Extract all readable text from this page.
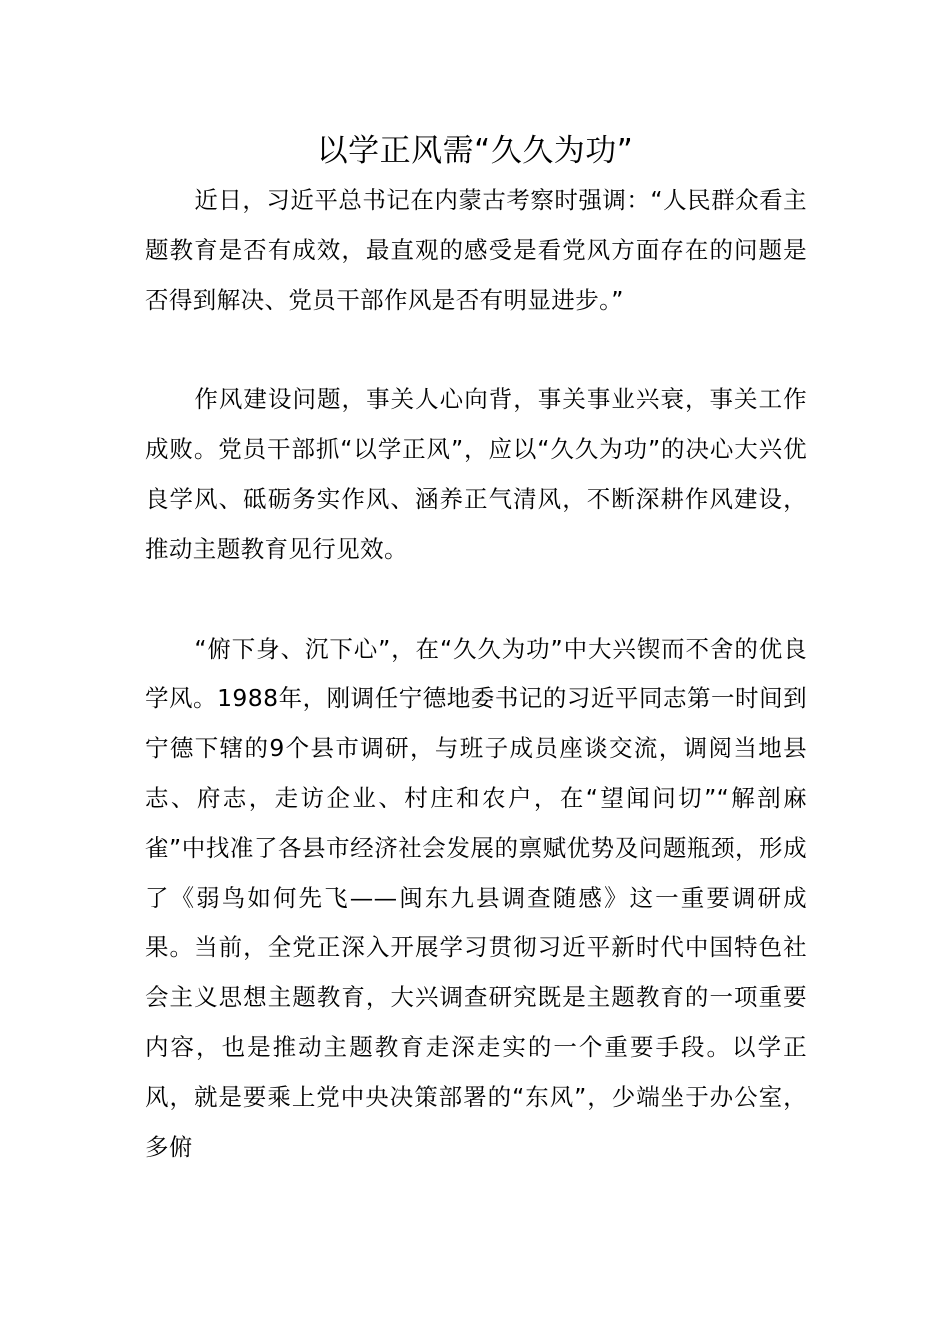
以学正风需“久久为功”

近日，习近平总书记在内蒙古考察时强调：“人民群众看主题教育是否有成效，最直观的感受是看党风方面存在的问题是否得到解决、党员干部作风是否有明显进步。”

作风建设问题，事关人心向背，事关事业兴衰，事关工作成败。党员干部抓“以学正风”，应以“久久为功”的决心大兴优良学风、砥砺务实作风、涵养正气清风，不断深耕作风建设，推动主题教育见行见效。

“俯下身、沉下心”，在“久久为功”中大兴锲而不舍的优良学风。1988年，刚调任宁德地委书记的习近平同志第一时间到宁德下辖的9个县市调研，与班子成员座谈交流，调阅当地县志、府志，走访企业、村庄和农户，在“望闻问切”“解剖麻雀”中找准了各县市经济社会发展的禀赋优势及问题瓶颈，形成了《弱鸟如何先飞——闽东九县调查随感》这一重要调研成果。当前，全党正深入开展学习贯彻习近平新时代中国特色社会主义思想主题教育，大兴调查研究既是主题教育的一项重要内容，也是推动主题教育走深走实的一个重要手段。以学正风，就是要乘上党中央决策部署的“东风”，少端坐于办公室，多俯
